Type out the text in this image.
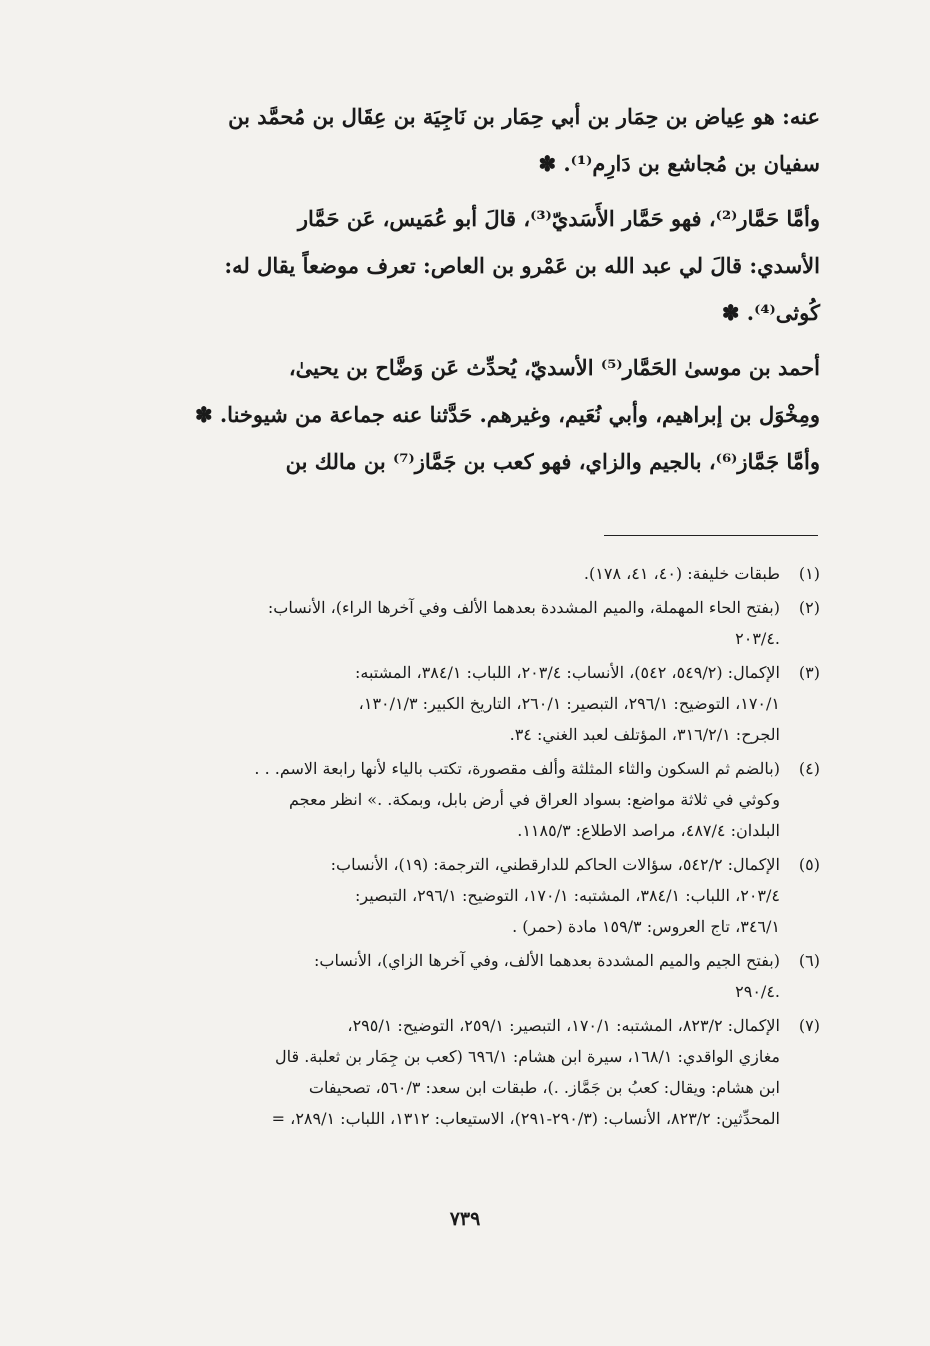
عنه: هو عِياض بن حِمَار بن أبي حِمَار بن نَاجِيَة بن عِقَال بن مُحمَّد بن
سفيان بن مُجاشع بن دَارِم⁽¹⁾. ✽

وأمَّا حَمَّار⁽²⁾، فهو حَمَّار الأَسَديّ⁽³⁾، قالَ أبو عُمَيس، عَن حَمَّار
الأسدي: قالَ لي عبد الله بن عَمْرو بن العاص: تعرف موضعاً يقال له:
كُوثى⁽⁴⁾. ✽

أحمد بن موسىٰ الحَمَّار⁽⁵⁾ الأسديّ، يُحدِّث عَن وَضَّاح بن يحيىٰ،
ومِخْوَل بن إبراهيم، وأبي نُعَيم، وغيرهم. حَدَّثنا عنه جماعة من شيوخنا. ✽

وأمَّا جَمَّاز⁽⁶⁾، بالجيم والزاي، فهو كعب بن جَمَّاز⁽⁷⁾ بن مالك بن

(١)
طبقات خليفة: (٤٠، ٤١، ١٧٨).
(٢)
(بفتح الحاء المهملة، والميم المشددة بعدهما الألف وفي آخرها الراء)، الأنساب:
.٢٠٣/٤
(٣)
الإكمال: (٥٤٩/٢، ٥٤٢)، الأنساب: ٢٠٣/٤، اللباب: ٣٨٤/١، المشتبه:
١٧٠/١، التوضيح: ٢٩٦/١، التبصير: ٢٦٠/١، التاريخ الكبير: ١٣٠/١/٣،
الجرح: ٣١٦/٢/١، المؤتلف لعبد الغني: ٣٤.
(٤)
(بالضم ثم السكون والثاء المثلثة وألف مقصورة، تكتب بالياء لأنها رابعة الاسم. . .
وكوثي في ثلاثة مواضع: بسواد العراق في أرض بابل، وبمكة. .» انظر معجم
البلدان: ٤٨٧/٤، مراصد الاطلاع: ١١٨٥/٣.
(٥)
الإكمال: ٥٤٢/٢، سؤالات الحاكم للدارقطني، الترجمة: (١٩)، الأنساب:
٢٠٣/٤، اللباب: ٣٨٤/١، المشتبه: ١٧٠/١، التوضيح: ٢٩٦/١، التبصير:
٣٤٦/١، تاج العروس: ١٥٩/٣ مادة (حمر) .
(٦)
(بفتح الجيم والميم المشددة بعدهما الألف، وفي آخرها الزاي)، الأنساب:
.٢٩٠/٤
(٧)
الإكمال: ٨٢٣/٢، المشتبه: ١٧٠/١، التبصير: ٢٥٩/١، التوضيح: ٢٩٥/١،
مغازي الواقدي: ١٦٨/١، سيرة ابن هشام: ٦٩٦/١ (كعب بن جِمَار بن ثعلبة. قال
ابن هشام: ويقال: كعبُ بن جَمَّاز. .)، طبقات ابن سعد: ٥٦٠/٣، تصحيفات
المحدِّثين: ٨٢٣/٢، الأنساب: (٢٩٠/٣-٢٩١)، الاستيعاب: ١٣١٢، اللباب: ٢٨٩/١، =
٧٣٩
